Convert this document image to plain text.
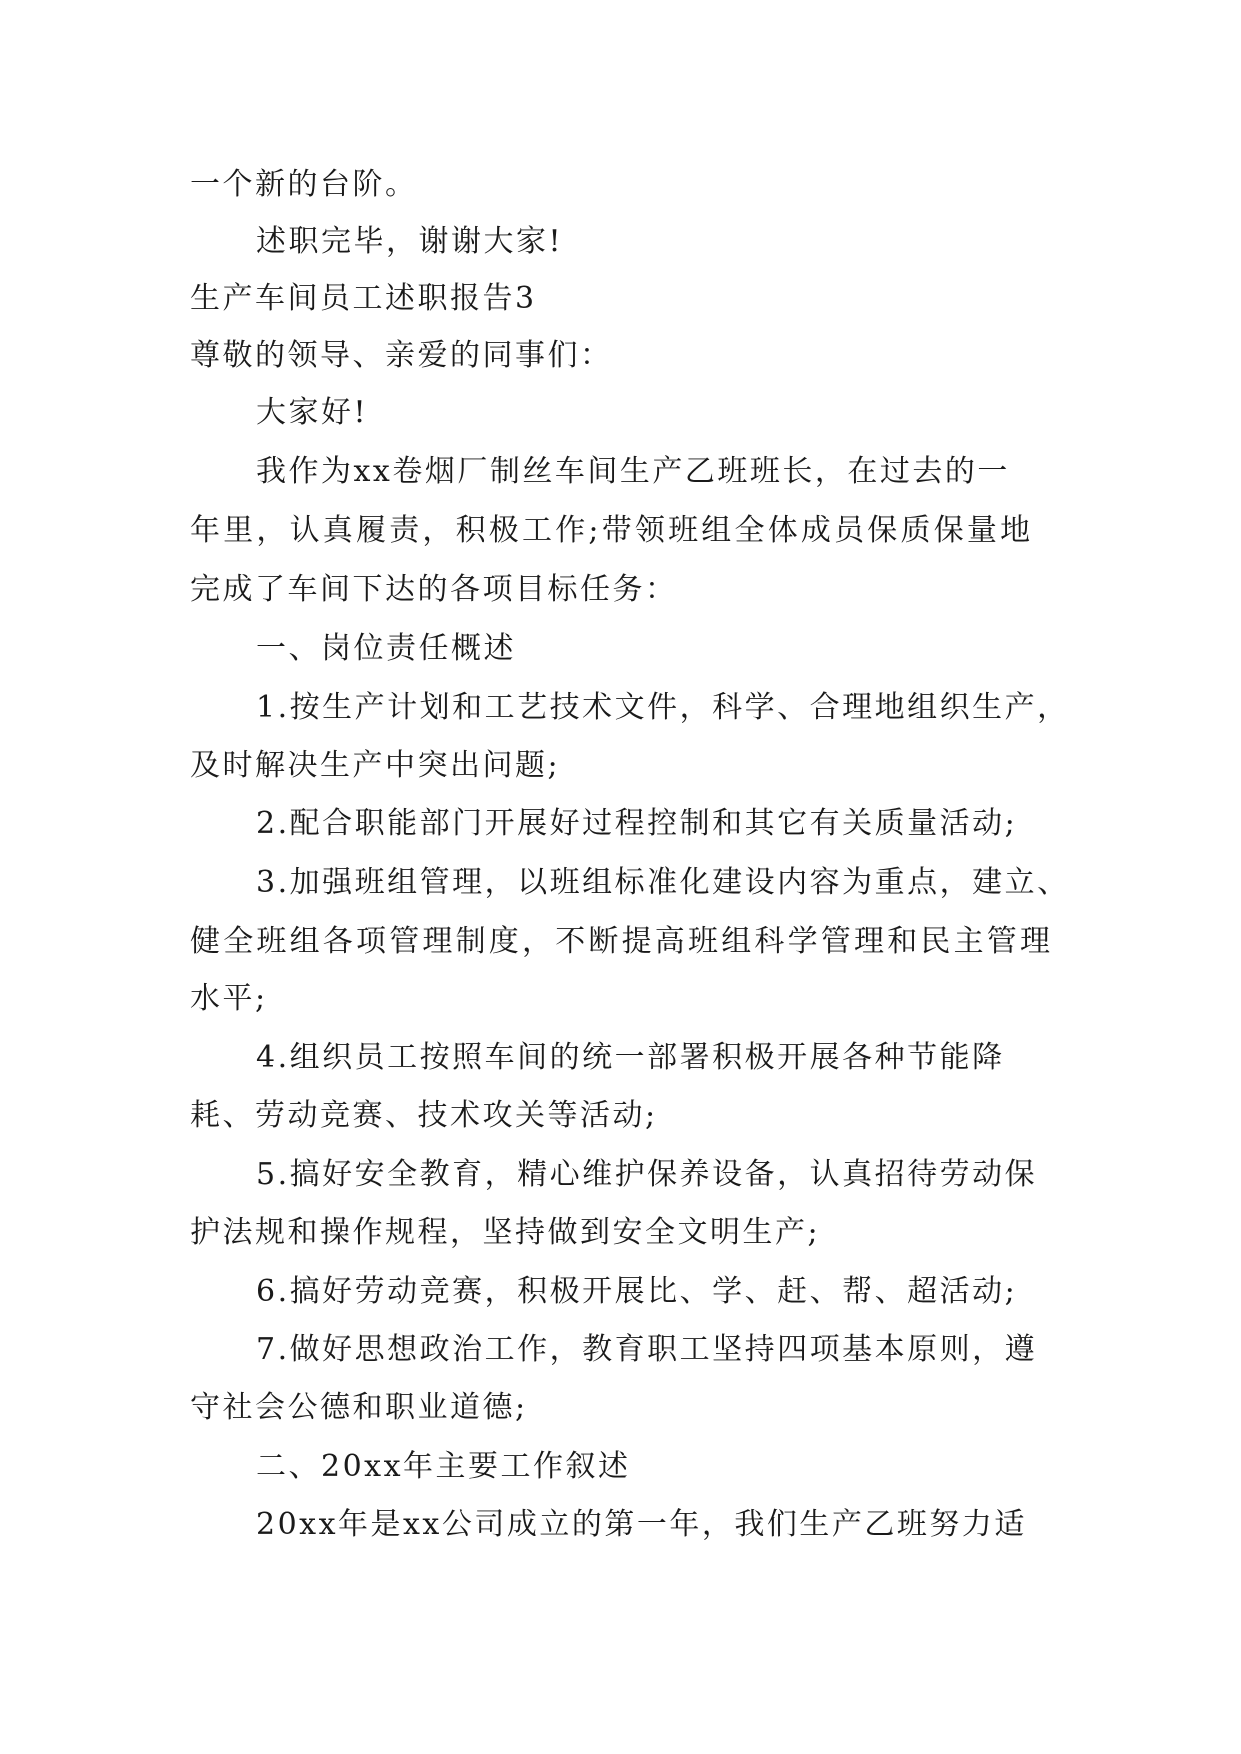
一个新的台阶。
述职完毕，谢谢大家!
生产车间员工述职报告3
尊敬的领导、亲爱的同事们：
大家好!
我作为xx卷烟厂制丝车间生产乙班班长，在过去的一
年里，认真履责，积极工作;带领班组全体成员保质保量地
完成了车间下达的各项目标任务：
一、岗位责任概述
1.按生产计划和工艺技术文件，科学、合理地组织生产，
及时解决生产中突出问题;
2.配合职能部门开展好过程控制和其它有关质量活动;
3.加强班组管理，以班组标准化建设内容为重点，建立、
健全班组各项管理制度，不断提高班组科学管理和民主管理
水平;
4.组织员工按照车间的统一部署积极开展各种节能降
耗、劳动竞赛、技术攻关等活动;
5.搞好安全教育，精心维护保养设备，认真招待劳动保
护法规和操作规程，坚持做到安全文明生产;
6.搞好劳动竞赛，积极开展比、学、赶、帮、超活动;
7.做好思想政治工作，教育职工坚持四项基本原则，遵
守社会公德和职业道德;
二、20xx年主要工作叙述
20xx年是xx公司成立的第一年，我们生产乙班努力适
